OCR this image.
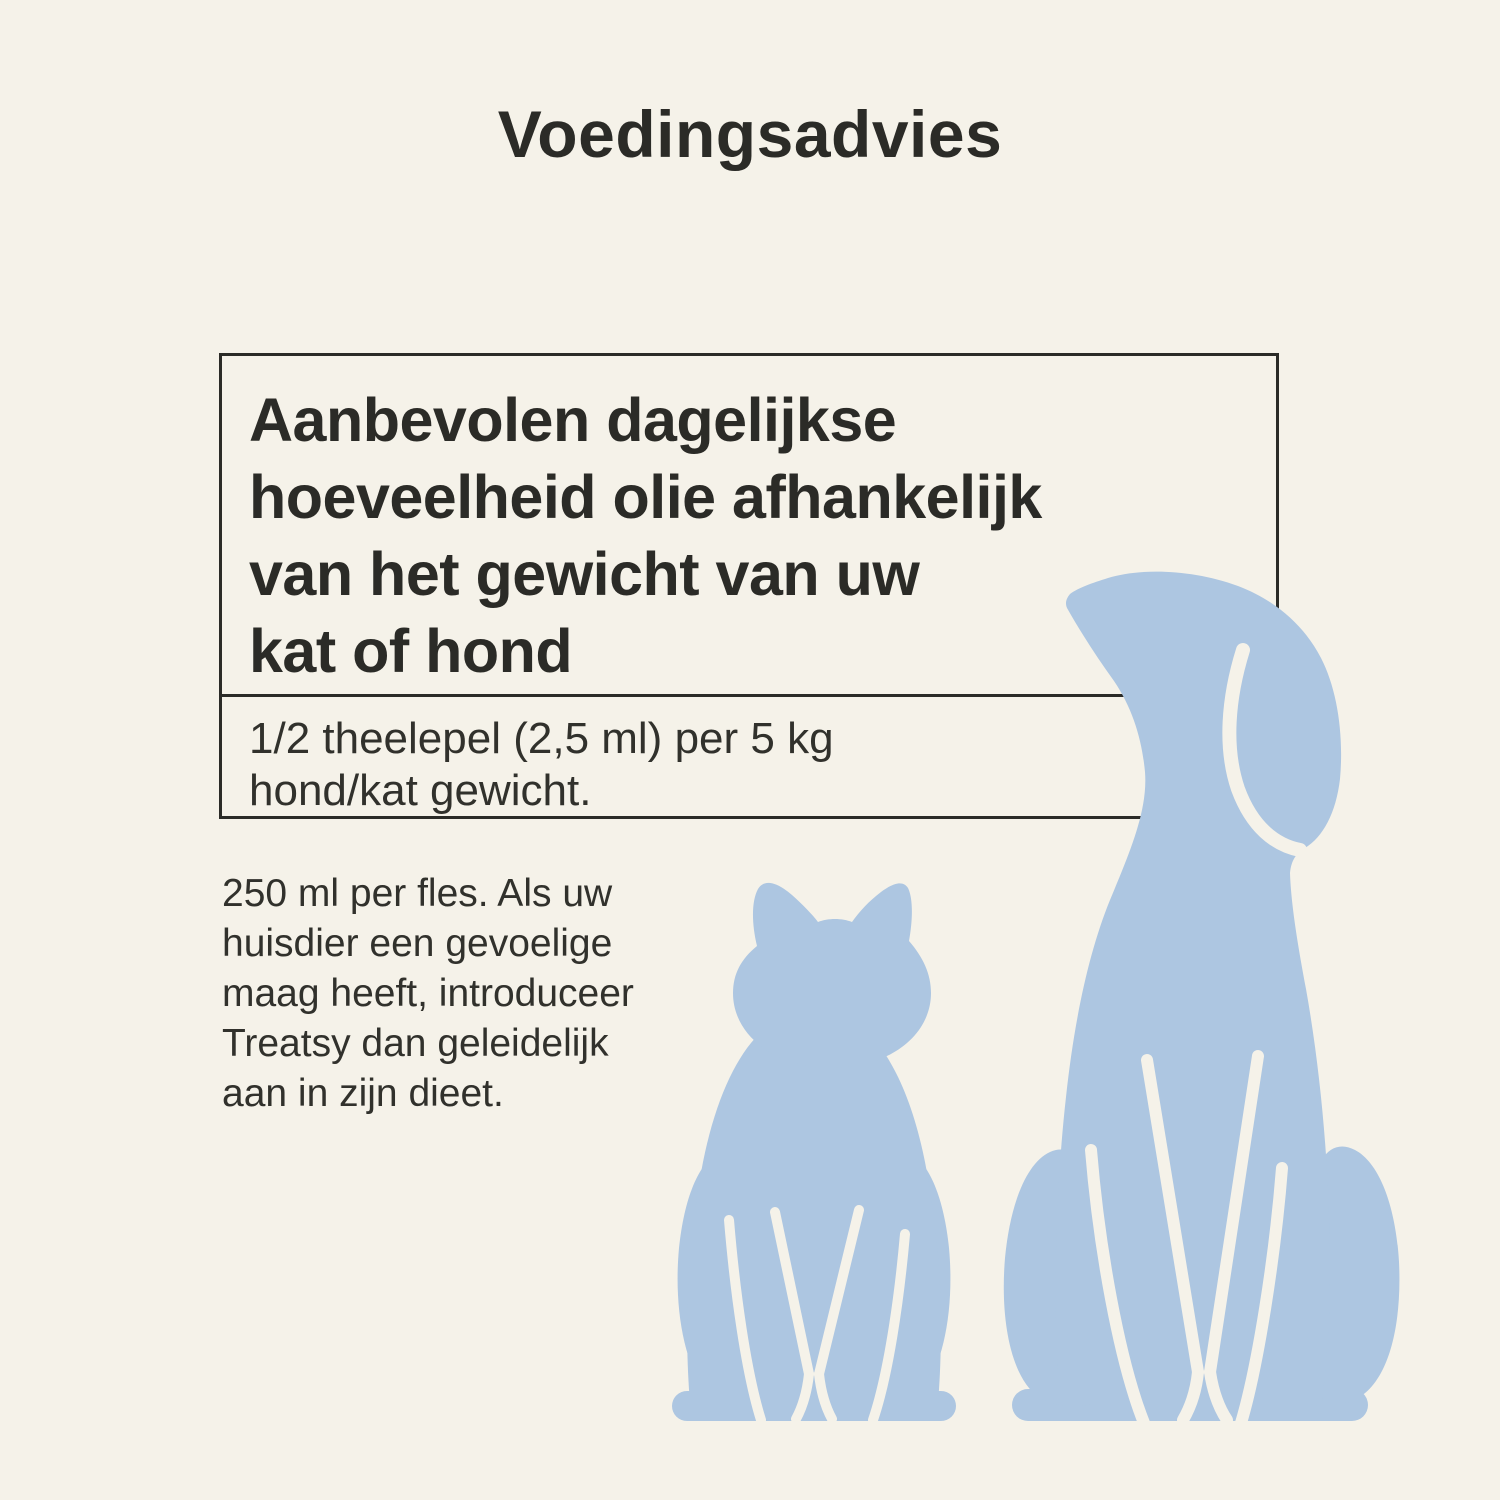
Voedingsadvies
Aanbevolen dagelijkse
hoeveelheid olie afhankelijk
van het gewicht van uw
kat of hond
1/2 theelepel (2,5 ml) per 5 kg
hond/kat gewicht.
250 ml per fles. Als uw
huisdier een gevoelige
maag heeft, introduceer
Treatsy dan geleidelijk
aan in zijn dieet.
